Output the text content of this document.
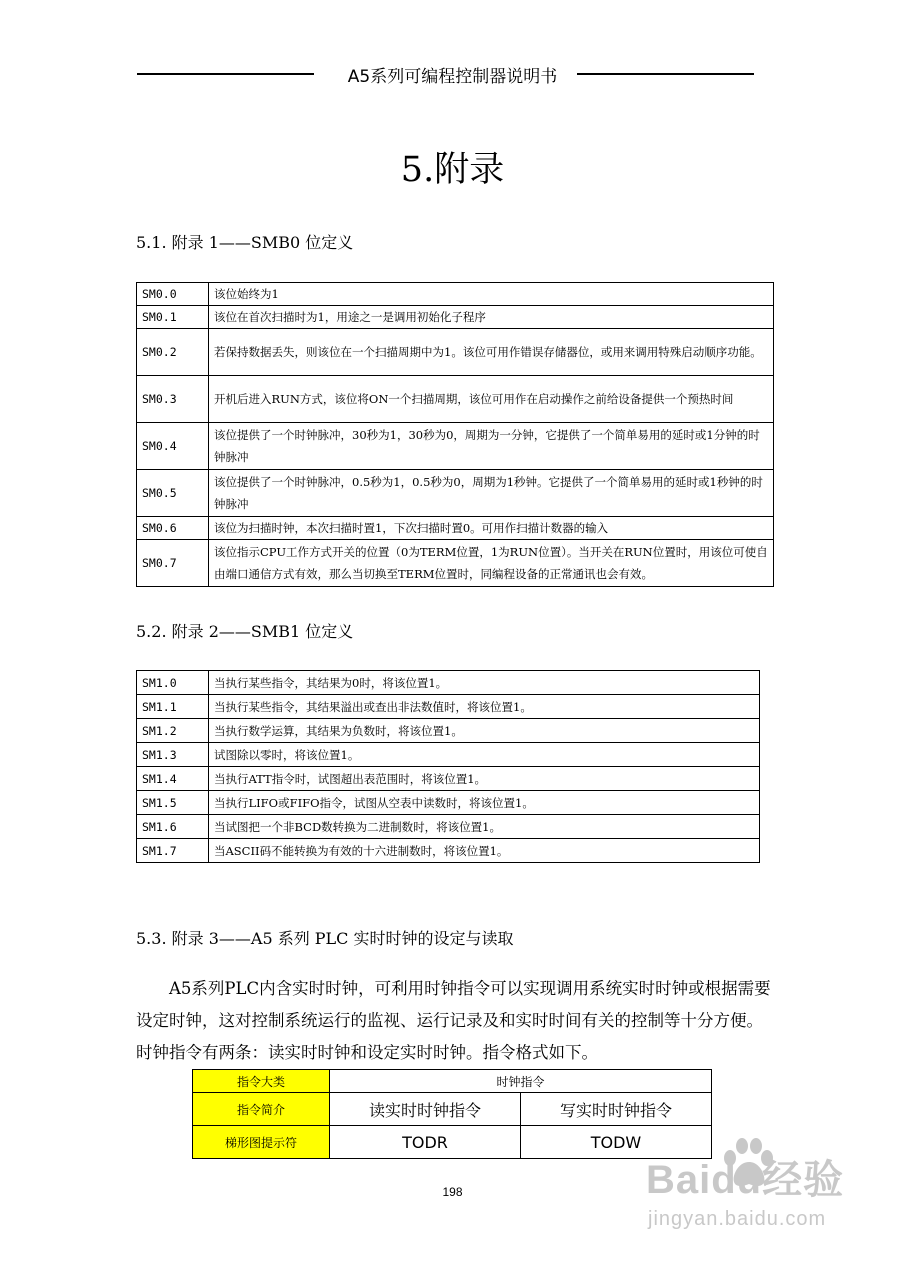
A5系列可编程控制器说明书
5.附录
5.1. 附录 1——SMB0 位定义
SM0.0	该位始终为1
SM0.1	该位在首次扫描时为1，用途之一是调用初始化子程序
SM0.2	若保持数据丢失，则该位在一个扫描周期中为1。该位可用作错误存储器位，或用来调用特殊启动顺序功能。
SM0.3	开机后进入RUN方式，该位将ON一个扫描周期，该位可用作在启动操作之前给设备提供一个预热时间
SM0.4	该位提供了一个时钟脉冲，30秒为1，30秒为0，周期为一分钟，它提供了一个简单易用的延时或1分钟的时钟脉冲
SM0.5	该位提供了一个时钟脉冲，0.5秒为1，0.5秒为0，周期为1秒钟。它提供了一个简单易用的延时或1秒钟的时钟脉冲
SM0.6	该位为扫描时钟，本次扫描时置1，下次扫描时置0。可用作扫描计数器的输入
SM0.7	该位指示CPU工作方式开关的位置（0为TERM位置，1为RUN位置）。当开关在RUN位置时，用该位可使自由端口通信方式有效，那么当切换至TERM位置时，同编程设备的正常通讯也会有效。
5.2. 附录 2——SMB1 位定义
SM1.0	当执行某些指令，其结果为0时，将该位置1。
SM1.1	当执行某些指令，其结果溢出或查出非法数值时，将该位置1。
SM1.2	当执行数学运算，其结果为负数时，将该位置1。
SM1.3	试图除以零时，将该位置1。
SM1.4	当执行ATT指令时，试图超出表范围时，将该位置1。
SM1.5	当执行LIFO或FIFO指令，试图从空表中读数时，将该位置1。
SM1.6	当试图把一个非BCD数转换为二进制数时，将该位置1。
SM1.7	当ASCII码不能转换为有效的十六进制数时，将该位置1。
5.3. 附录 3——A5 系列 PLC 实时时钟的设定与读取

A5系列PLC内含实时时钟，可利用时钟指令可以实现调用系统实时时钟或根据需要设定时钟，这对控制系统运行的监视、运行记录及和实时时间有关的控制等十分方便。时钟指令有两条：读实时时钟和设定实时时钟。指令格式如下。

指令大类	时钟指令	
指令简介	读实时时钟指令	写实时时钟指令
梯形图提示符	TODR	TODW
198	Baidu经验
jingyan.baidu.com
